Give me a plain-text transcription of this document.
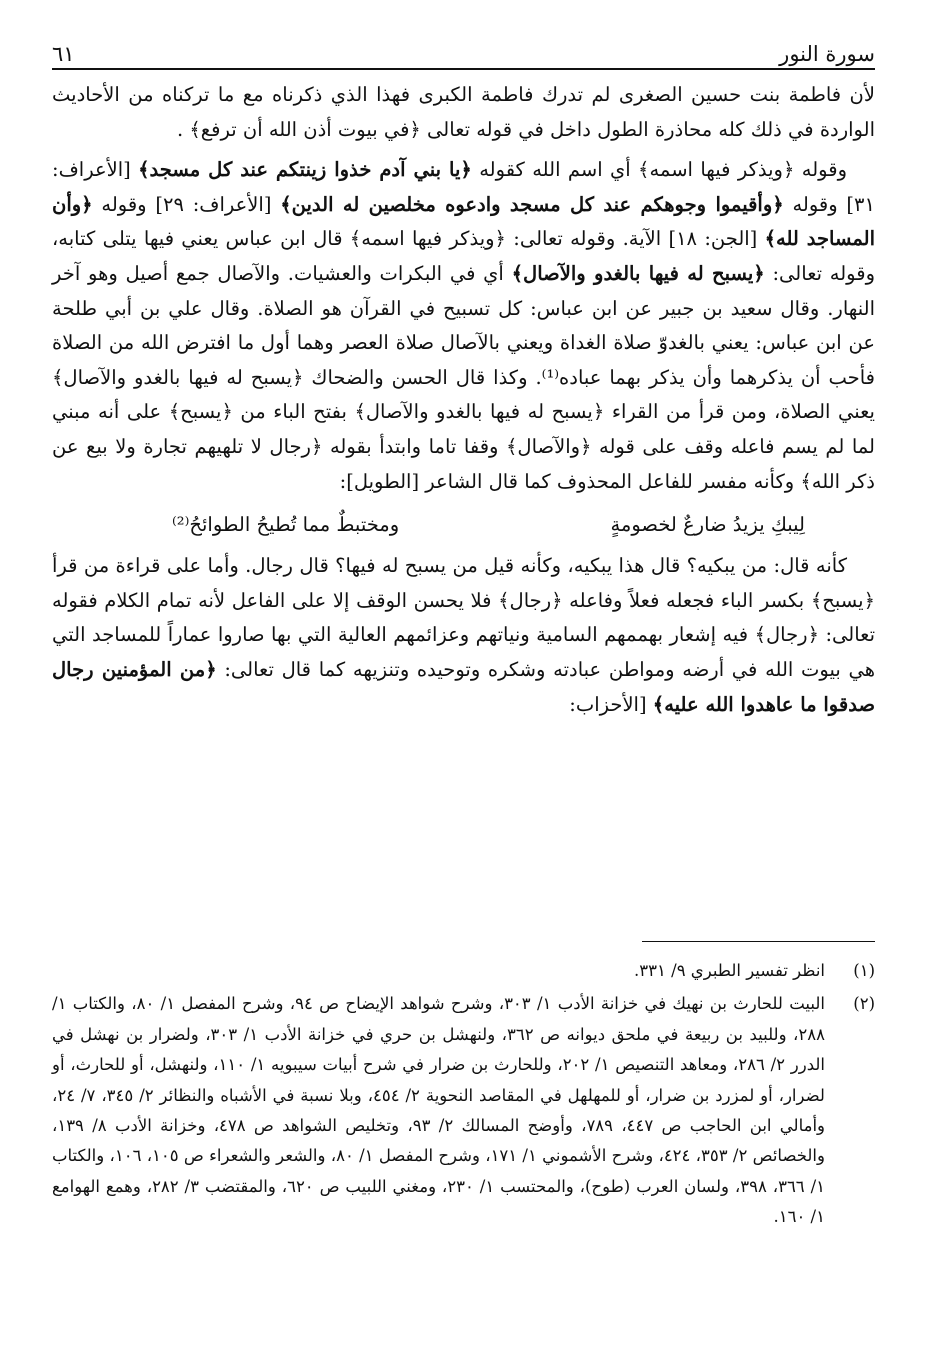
سورة النور
٦١

لأن فاطمة بنت حسين الصغرى لم تدرك فاطمة الكبرى فهذا الذي ذكرناه مع ما تركناه من الأحاديث الواردة في ذلك كله محاذرة الطول داخل في قوله تعالى ﴿في بيوت أذن الله أن ترفع﴾ .

وقوله ﴿ويذكر فيها اسمه﴾ أي اسم الله كقوله ﴿يا بني آدم خذوا زينتكم عند كل مسجد﴾ [الأعراف: ٣١] وقوله ﴿وأقيموا وجوهكم عند كل مسجد وادعوه مخلصين له الدين﴾ [الأعراف: ٢٩] وقوله ﴿وأن المساجد لله﴾ [الجن: ١٨] الآية. وقوله تعالى: ﴿ويذكر فيها اسمه﴾ قال ابن عباس يعني فيها يتلى كتابه، وقوله تعالى: ﴿يسبح له فيها بالغدو والآصال﴾ أي في البكرات والعشيات. والآصال جمع أصيل وهو آخر النهار. وقال سعيد بن جبير عن ابن عباس: كل تسبيح في القرآن هو الصلاة. وقال علي بن أبي طلحة عن ابن عباس: يعني بالغدوّ صلاة الغداة ويعني بالآصال صلاة العصر وهما أول ما افترض الله من الصلاة فأحب أن يذكرهما وأن يذكر بهما عباده⁽¹⁾. وكذا قال الحسن والضحاك ﴿يسبح له فيها بالغدو والآصال﴾ يعني الصلاة، ومن قرأ من القراء ﴿يسبح له فيها بالغدو والآصال﴾ بفتح الباء من ﴿يسبح﴾ على أنه مبني لما لم يسم فاعله وقف على قوله ﴿والآصال﴾ وقفا تاما وابتدأ بقوله ﴿رجال لا تلهيهم تجارة ولا بيع عن ذكر الله﴾ وكأنه مفسر للفاعل المحذوف كما قال الشاعر [الطويل]:

لِيبكِ يزيدُ ضارعٌ لخصومةٍ
ومختبطٌ مما تُطيحُ الطوائحُ⁽²⁾

كأنه قال: من يبكيه؟ قال هذا يبكيه، وكأنه قيل من يسبح له فيها؟ قال رجال. وأما على قراءة من قرأ ﴿يسبح﴾ بكسر الباء فجعله فعلاً وفاعله ﴿رجال﴾ فلا يحسن الوقف إلا على الفاعل لأنه تمام الكلام فقوله تعالى: ﴿رجال﴾ فيه إشعار بهممهم السامية ونياتهم وعزائمهم العالية التي بها صاروا عماراً للمساجد التي هي بيوت الله في أرضه ومواطن عبادته وشكره وتوحيده وتنزيهه كما قال تعالى: ﴿من المؤمنين رجال صدقوا ما عاهدوا الله عليه﴾ [الأحزاب:

(١)
انظر تفسير الطبري ٩/ ٣٣١.
(٢)
البيت للحارث بن نهيك في خزانة الأدب ١/ ٣٠٣، وشرح شواهد الإيضاح ص ٩٤، وشرح المفصل ١/ ٨٠، والكتاب ١/ ٢٨٨، وللبيد بن ربيعة في ملحق ديوانه ص ٣٦٢، ولنهشل بن حري في خزانة الأدب ١/ ٣٠٣، ولضرار بن نهشل في الدرر ٢/ ٢٨٦، ومعاهد التنصيص ١/ ٢٠٢، وللحارث بن ضرار في شرح أبيات سيبويه ١/ ١١٠، ولنهشل، أو للحارث، أو لضرار، أو لمزرد بن ضرار، أو للمهلهل في المقاصد النحوية ٢/ ٤٥٤، وبلا نسبة في الأشباه والنظائر ٢/ ٣٤٥، ٧/ ٢٤، وأمالي ابن الحاجب ص ٤٤٧، ٧٨٩، وأوضح المسالك ٢/ ٩٣، وتخليص الشواهد ص ٤٧٨، وخزانة الأدب ٨/ ١٣٩، والخصائص ٢/ ٣٥٣، ٤٢٤، وشرح الأشموني ١/ ١٧١، وشرح المفصل ١/ ٨٠، والشعر والشعراء ص ١٠٥، ١٠٦، والكتاب ١/ ٣٦٦، ٣٩٨، ولسان العرب (طوح)، والمحتسب ١/ ٢٣٠، ومغني اللبيب ص ٦٢٠، والمقتضب ٣/ ٢٨٢، وهمع الهوامع ١/ ١٦٠.
